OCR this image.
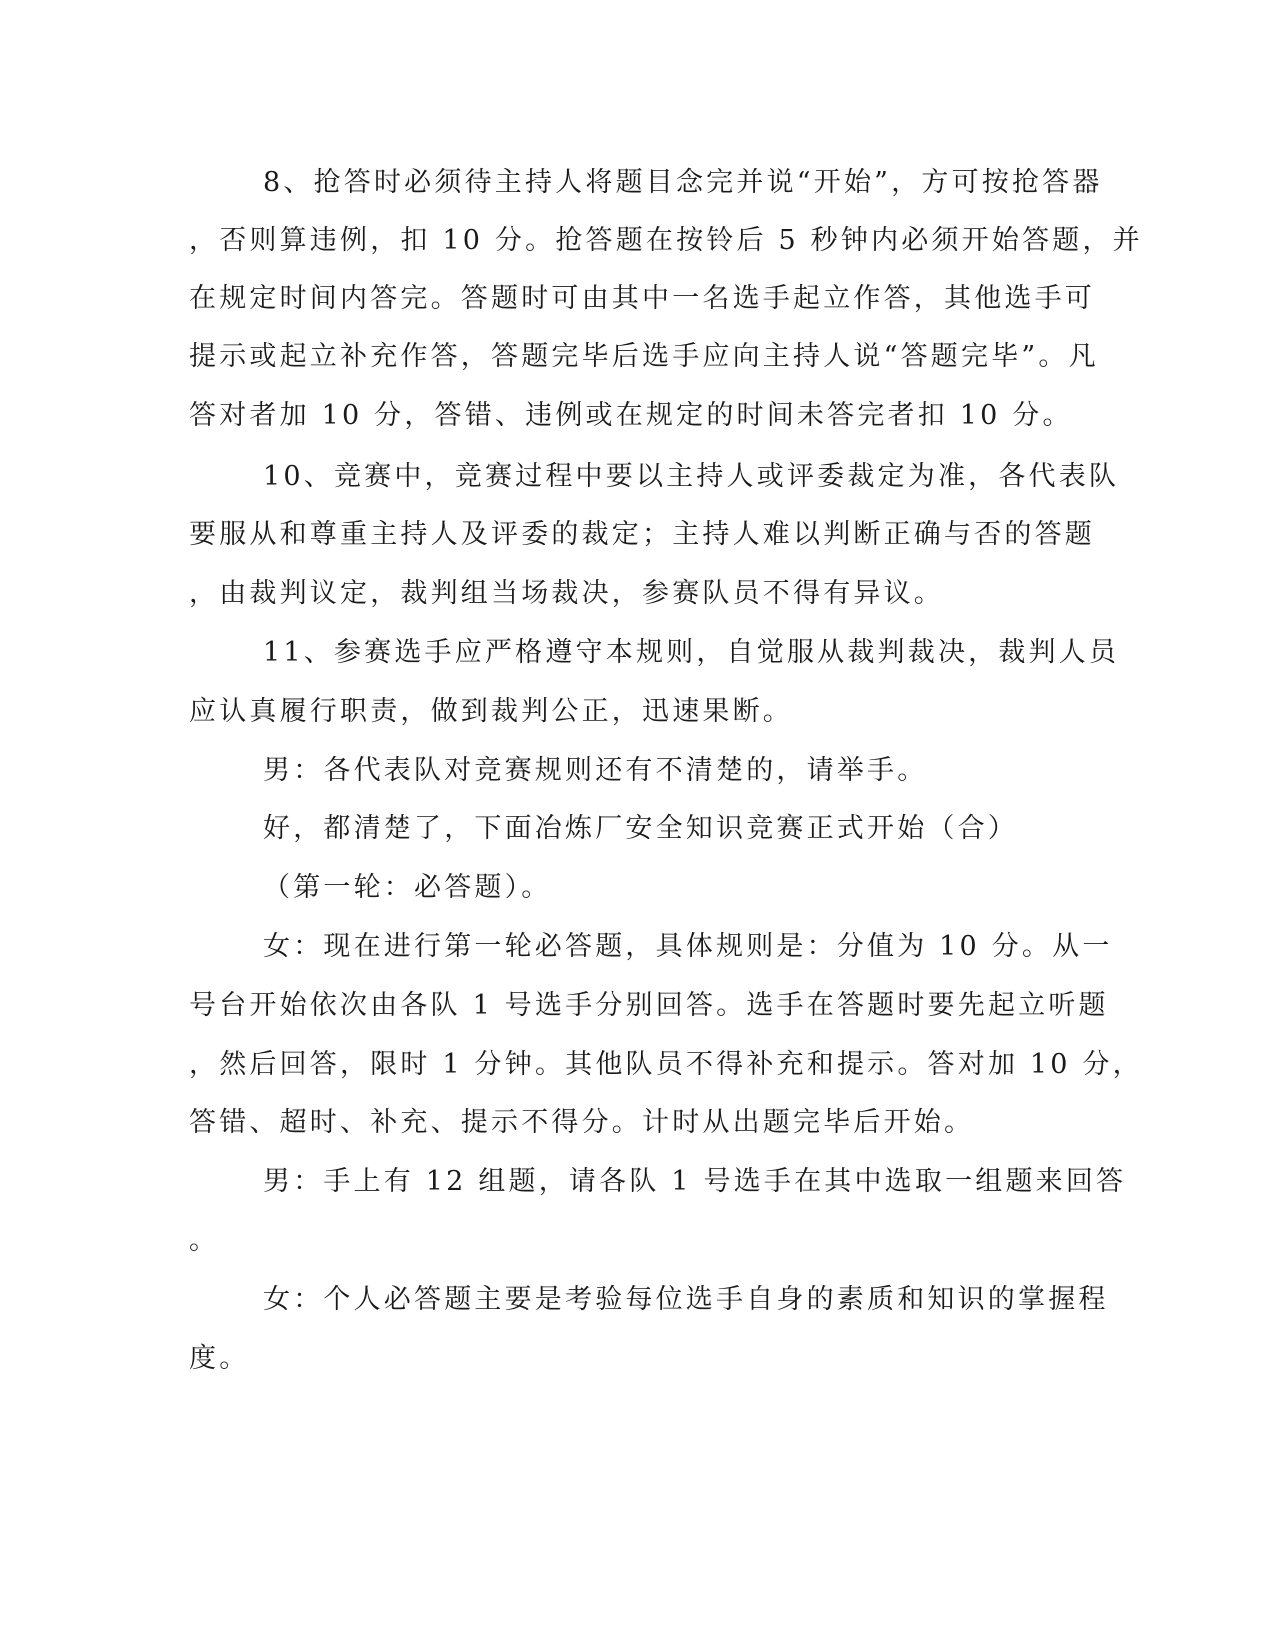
8、抢答时必须待主持人将题目念完并说“开始”，方可按抢答器
，否则算违例，扣 10 分。抢答题在按铃后 5 秒钟内必须开始答题，并
在规定时间内答完。答题时可由其中一名选手起立作答，其他选手可
提示或起立补充作答，答题完毕后选手应向主持人说“答题完毕”。凡
答对者加 10 分，答错、违例或在规定的时间未答完者扣 10 分。
10、竞赛中，竞赛过程中要以主持人或评委裁定为准，各代表队
要服从和尊重主持人及评委的裁定；主持人难以判断正确与否的答题
，由裁判议定，裁判组当场裁决，参赛队员不得有异议。
11、参赛选手应严格遵守本规则，自觉服从裁判裁决，裁判人员
应认真履行职责，做到裁判公正，迅速果断。
男：各代表队对竞赛规则还有不清楚的，请举手。
好，都清楚了，下面冶炼厂安全知识竞赛正式开始（合）
（第一轮：必答题）。
女：现在进行第一轮必答题，具体规则是：分值为 10 分。从一
号台开始依次由各队 1 号选手分别回答。选手在答题时要先起立听题
，然后回答，限时 1 分钟。其他队员不得补充和提示。答对加 10 分，
答错、超时、补充、提示不得分。计时从出题完毕后开始。
男：手上有 12 组题，请各队 1 号选手在其中选取一组题来回答
。
女：个人必答题主要是考验每位选手自身的素质和知识的掌握程
度。
